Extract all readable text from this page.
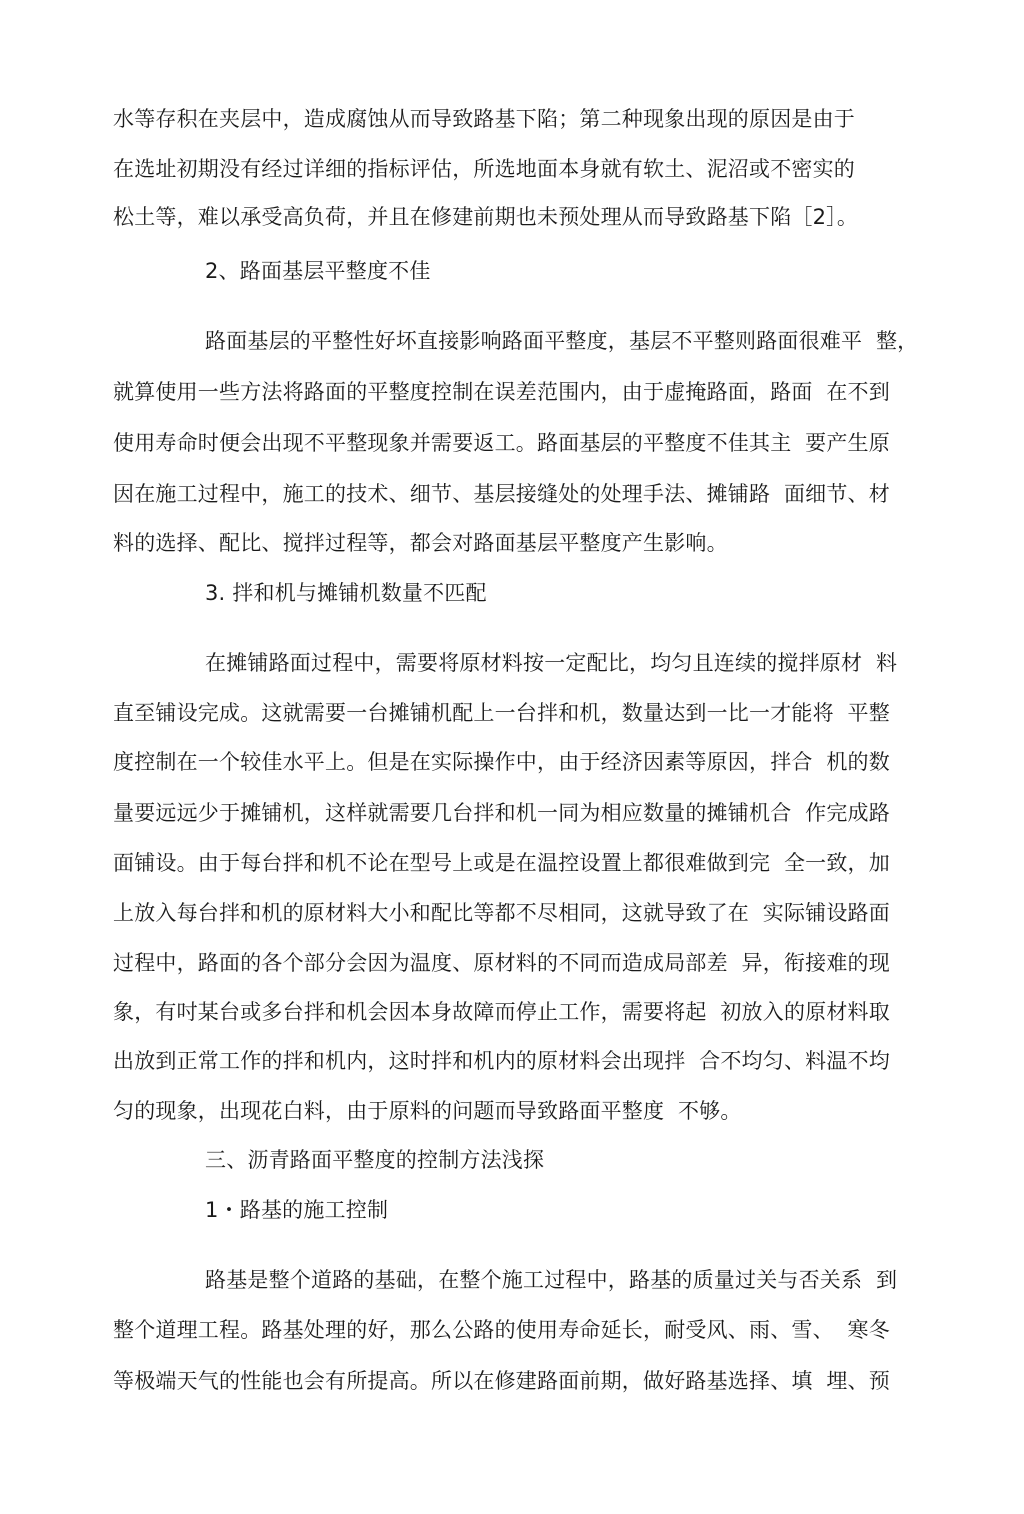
水等存积在夹层中，造成腐蚀从而导致路基下陷；第二种现象出现的原因是由于
在选址初期没有经过详细的指标评估，所选地面本身就有软土、泥沼或不密实的
松土等，难以承受高负荷，并且在修建前期也未预处理从而导致路基下陷［2］。
2、路面基层平整度不佳
路面基层的平整性好坏直接影响路面平整度，基层不平整则路面很难平  整，
就算使用一些方法将路面的平整度控制在误差范围内，由于虚掩路面，路面  在不到
使用寿命时便会出现不平整现象并需要返工。路面基层的平整度不佳其主  要产生原
因在施工过程中，施工的技术、细节、基层接缝处的处理手法、摊铺路  面细节、材
料的选择、配比、搅拌过程等，都会对路面基层平整度产生影响。
3. 拌和机与摊铺机数量不匹配
在摊铺路面过程中，需要将原材料按一定配比，均匀且连续的搅拌原材  料
直至铺设完成。这就需要一台摊铺机配上一台拌和机，数量达到一比一才能将  平整
度控制在一个较佳水平上。但是在实际操作中，由于经济因素等原因，拌合  机的数
量要远远少于摊铺机，这样就需要几台拌和机一同为相应数量的摊铺机合  作完成路
面铺设。由于每台拌和机不论在型号上或是在温控设置上都很难做到完  全一致，加
上放入每台拌和机的原材料大小和配比等都不尽相同，这就导致了在  实际铺设路面
过程中，路面的各个部分会因为温度、原材料的不同而造成局部差  异，衔接难的现
象，有吋某台或多台拌和机会因本身故障而停止工作，需要将起  初放入的原材料取
出放到正常工作的拌和机内，这时拌和机内的原材料会出现拌  合不均匀、料温不均
匀的现象，出现花白料，由于原料的问题而导致路面平整度  不够。
三、沥青路面平整度的控制方法浅探
1・路基的施工控制
路基是整个道路的基础，在整个施工过程中，路基的质量过关与否关系  到
整个道理工程。路基处理的好，那么公路的使用寿命延长，耐受风、雨、雪、  寒冬
等极端天气的性能也会有所提高。所以在修建路面前期，做好路基选择、填  埋、预
